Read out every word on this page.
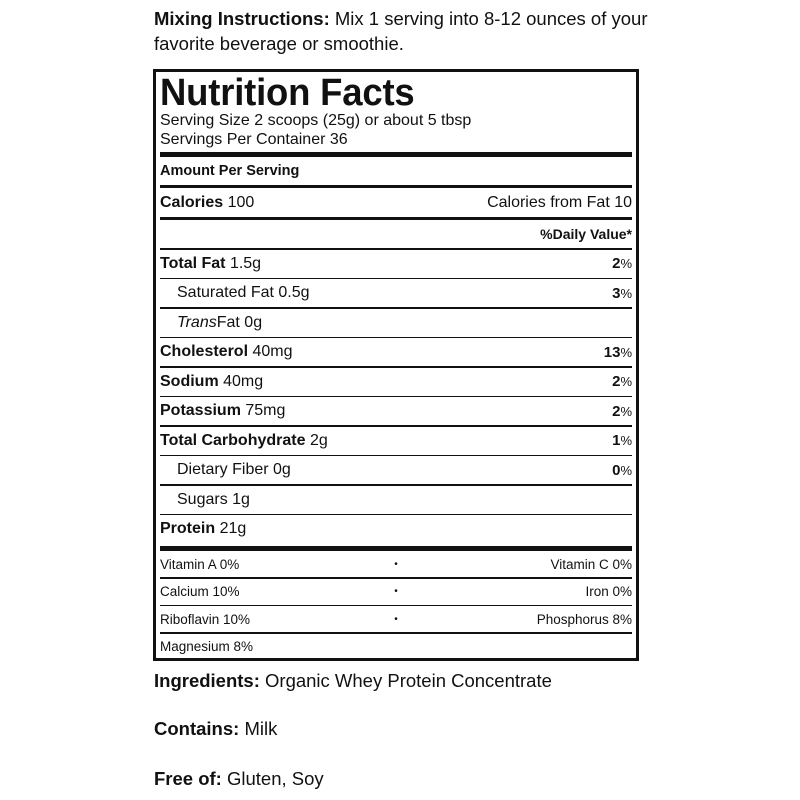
Mixing Instructions: Mix 1 serving into 8-12 ounces of your favorite beverage or smoothie.
Nutrition Facts
Serving Size 2 scoops (25g) or about 5 tbsp
Servings Per Container 36
Amount Per Serving
Calories 100	Calories from Fat 10
%Daily Value*
Total Fat 1.5g	2%
Saturated Fat 0.5g	3%
TransFat 0g
Cholesterol 40mg	13%
Sodium 40mg	2%
Potassium 75mg	2%
Total Carbohydrate 2g	1%
Dietary Fiber 0g	0%
Sugars 1g
Protein 21g
Vitamin A 0%	•	Vitamin C 0%
Calcium 10%	•	Iron 0%
Riboflavin 10%	•	Phosphorus 8%
Magnesium 8%
Ingredients: Organic Whey Protein Concentrate
Contains: Milk
Free of: Gluten, Soy
